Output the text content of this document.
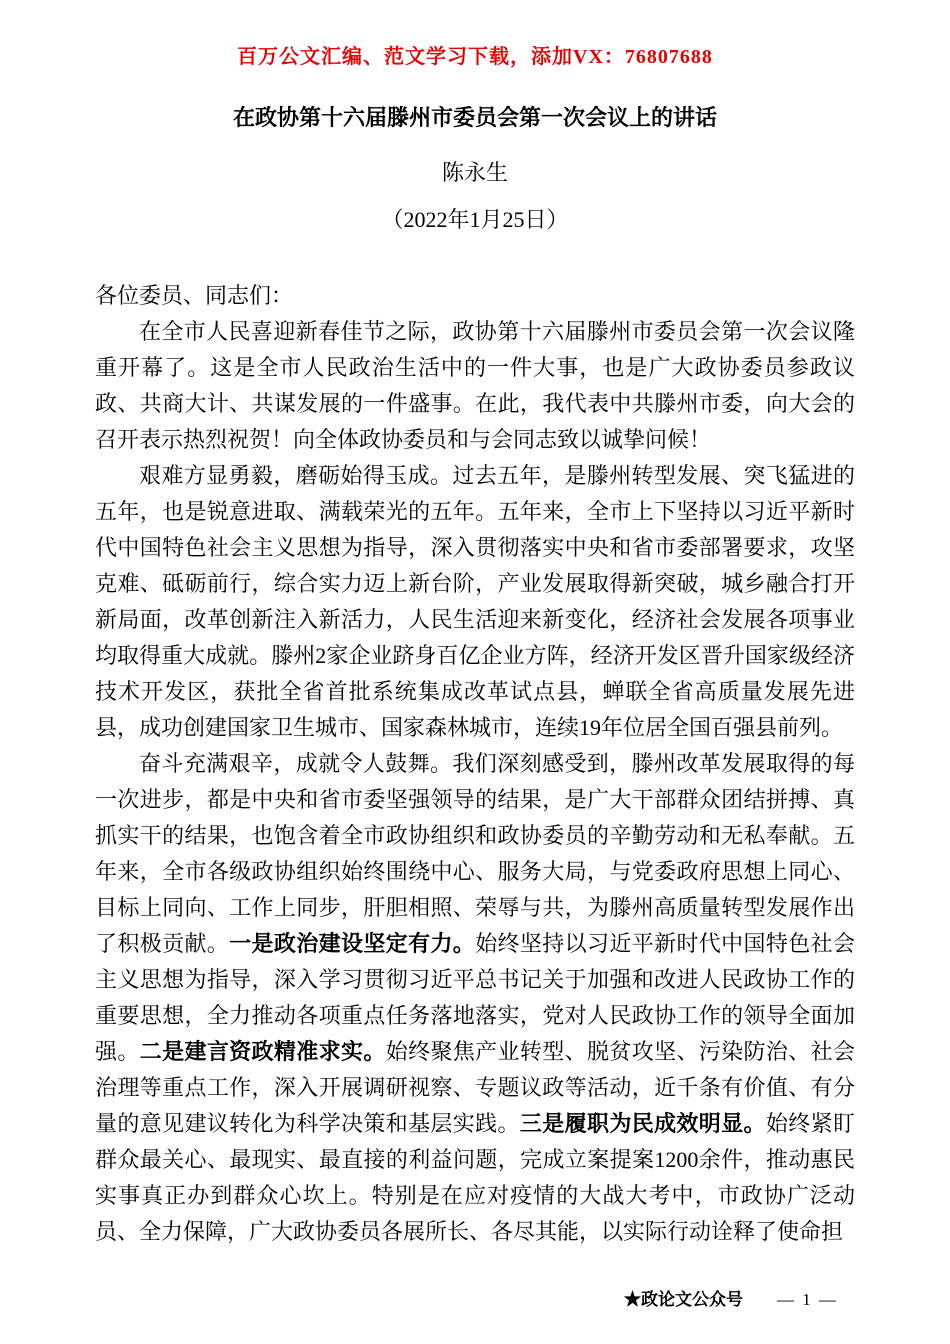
百万公文汇编、范文学习下载，添加VX：76807688
在政协第十六届滕州市委员会第一次会议上的讲话
陈永生
（2022年1月25日）

各位委员、同志们：

在全市人民喜迎新春佳节之际，政协第十六届滕州市委员会第一次会议隆重开幕了。这是全市人民政治生活中的一件大事，也是广大政协委员参政议政、共商大计、共谋发展的一件盛事。在此，我代表中共滕州市委，向大会的召开表示热烈祝贺！向全体政协委员和与会同志致以诚挚问候！

艰难方显勇毅，磨砺始得玉成。过去五年，是滕州转型发展、突飞猛进的五年，也是锐意进取、满载荣光的五年。五年来，全市上下坚持以习近平新时代中国特色社会主义思想为指导，深入贯彻落实中央和省市委部署要求，攻坚克难、砥砺前行，综合实力迈上新台阶，产业发展取得新突破，城乡融合打开新局面，改革创新注入新活力，人民生活迎来新变化，经济社会发展各项事业均取得重大成就。滕州2家企业跻身百亿企业方阵，经济开发区晋升国家级经济技术开发区，获批全省首批系统集成改革试点县，蝉联全省高质量发展先进县，成功创建国家卫生城市、国家森林城市，连续19年位居全国百强县前列。

奋斗充满艰辛，成就令人鼓舞。我们深刻感受到，滕州改革发展取得的每一次进步，都是中央和省市委坚强领导的结果，是广大干部群众团结拼搏、真抓实干的结果，也饱含着全市政协组织和政协委员的辛勤劳动和无私奉献。五年来，全市各级政协组织始终围绕中心、服务大局，与党委政府思想上同心、目标上同向、工作上同步，肝胆相照、荣辱与共，为滕州高质量转型发展作出了积极贡献。一是政治建设坚定有力。始终坚持以习近平新时代中国特色社会主义思想为指导，深入学习贯彻习近平总书记关于加强和改进人民政协工作的重要思想，全力推动各项重点任务落地落实，党对人民政协工作的领导全面加强。二是建言资政精准求实。始终聚焦产业转型、脱贫攻坚、污染防治、社会治理等重点工作，深入开展调研视察、专题议政等活动，近千条有价值、有分量的意见建议转化为科学决策和基层实践。三是履职为民成效明显。始终紧盯群众最关心、最现实、最直接的利益问题，完成立案提案1200余件，推动惠民实事真正办到群众心坎上。特别是在应对疫情的大战大考中，市政协广泛动员、全力保障，广大政协委员各展所长、各尽其能，以实际行动诠释了使命担

★政论文公众号 — 1 —
